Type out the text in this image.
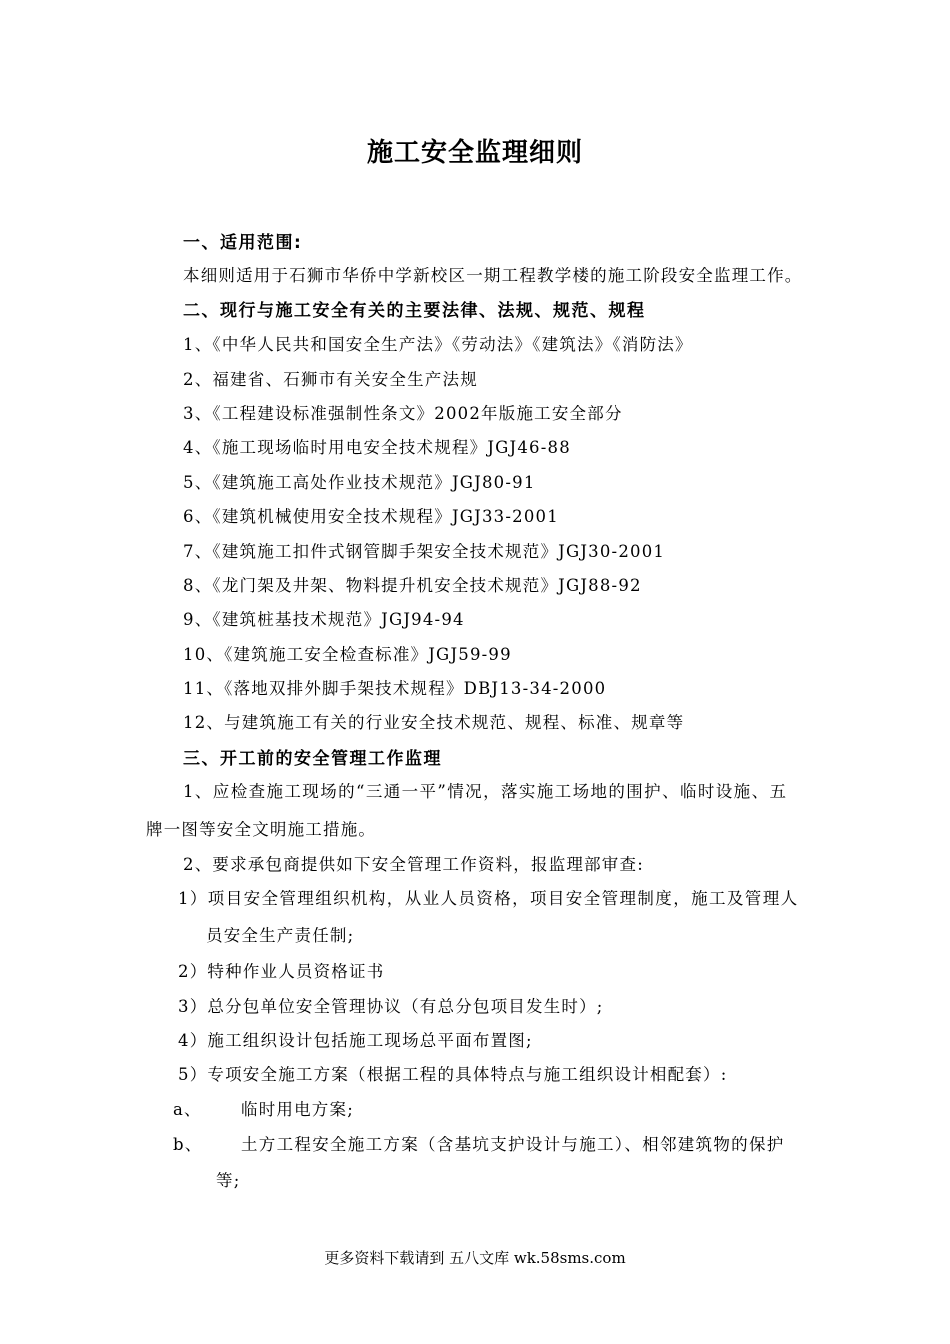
施工安全监理细则
一、适用范围:
本细则适用于石狮市华侨中学新校区一期工程教学楼的施工阶段安全监理工作。
二、现行与施工安全有关的主要法律、法规、规范、规程
1、《中华人民共和国安全生产法》《劳动法》《建筑法》《消防法》
2、福建省、石狮市有关安全生产法规
3、《工程建设标准强制性条文》2002年版施工安全部分
4、《施工现场临时用电安全技术规程》JGJ46-88
5、《建筑施工高处作业技术规范》JGJ80-91
6、《建筑机械使用安全技术规程》JGJ33-2001
7、《建筑施工扣件式钢管脚手架安全技术规范》JGJ30-2001
8、《龙门架及井架、物料提升机安全技术规范》JGJ88-92
9、《建筑桩基技术规范》JGJ94-94
10、《建筑施工安全检查标准》JGJ59-99
11、《落地双排外脚手架技术规程》DBJ13-34-2000
12、与建筑施工有关的行业安全技术规范、规程、标准、规章等
三、开工前的安全管理工作监理
1、应检查施工现场的“三通一平”情况，落实施工场地的围护、临时设施、五
牌一图等安全文明施工措施。
2、要求承包商提供如下安全管理工作资料，报监理部审查:
1）项目安全管理组织机构，从业人员资格，项目安全管理制度，施工及管理人
员安全生产责任制;
2）特种作业人员资格证书
3）总分包单位安全管理协议（有总分包项目发生时）;
4）施工组织设计包括施工现场总平面布置图;
5）专项安全施工方案（根据工程的具体特点与施工组织设计相配套）:
a、 临时用电方案;
b、 土方工程安全施工方案（含基坑支护设计与施工）、相邻建筑物的保护
等;
更多资料下载请到 五八文库 wk.58sms.com
